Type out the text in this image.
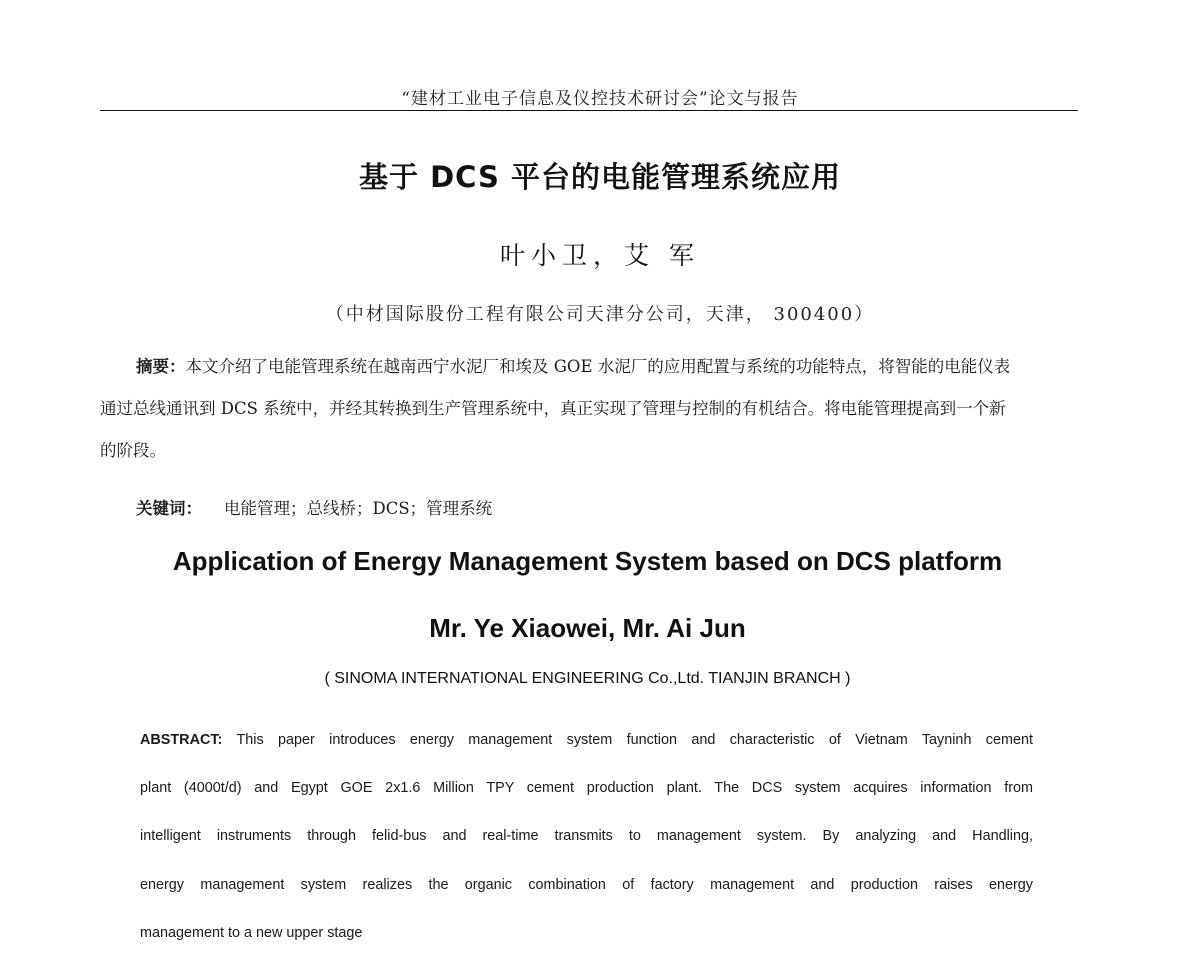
“建材工业电子信息及仪控技术研讨会”论文与报告
基于 DCS 平台的电能管理系统应用
叶小卫，艾 军
（中材国际股份工程有限公司天津分公司，天津， 300400）
摘要：本文介绍了电能管理系统在越南西宁水泥厂和埃及 GOE 水泥厂的应用配置与系统的功能特点，将智能的电能仪表
通过总线通讯到 DCS 系统中，并经其转换到生产管理系统中，真正实现了管理与控制的有机结合。将电能管理提高到一个新
的阶段。
关键词： 电能管理；总线桥；DCS；管理系统
Application of Energy Management System based on DCS platform
Mr. Ye Xiaowei, Mr. Ai Jun
( SINOMA INTERNATIONAL ENGINEERING Co.,Ltd. TIANJIN BRANCH )
ABSTRACT: This paper introduces energy management system function and characteristic of Vietnam Tayninh cement
plant (4000t/d) and Egypt GOE 2x1.6 Million TPY cement production plant. The DCS system acquires information from
intelligent instruments through felid-bus and real-time transmits to management system. By analyzing and Handling,
energy management system realizes the organic combination of factory management and production raises energy
management to a new upper stage
